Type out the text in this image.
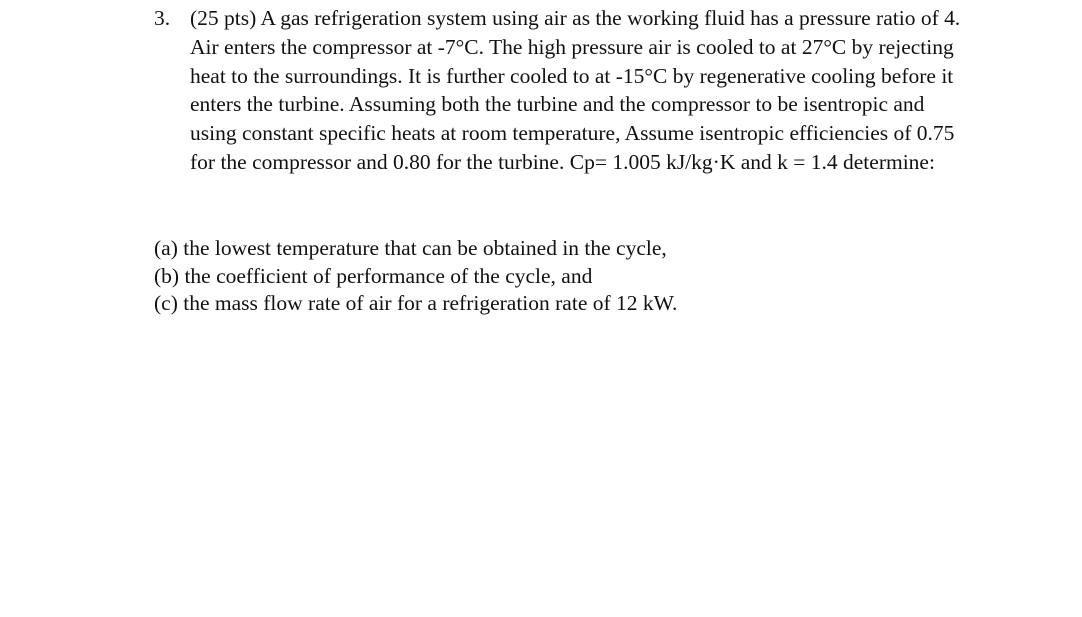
3. (25 pts) A gas refrigeration system using air as the working fluid has a pressure ratio of 4.
Air enters the compressor at -7°C. The high pressure air is cooled to at 27°C by rejecting
heat to the surroundings. It is further cooled to at -15°C by regenerative cooling before it
enters the turbine. Assuming both the turbine and the compressor to be isentropic and
using constant specific heats at room temperature, Assume isentropic efficiencies of 0.75
for the compressor and 0.80 for the turbine. Cp= 1.005 kJ/kg·K and k = 1.4 determine:
(a) the lowest temperature that can be obtained in the cycle,
(b) the coefficient of performance of the cycle, and
(c) the mass flow rate of air for a refrigeration rate of 12 kW.
